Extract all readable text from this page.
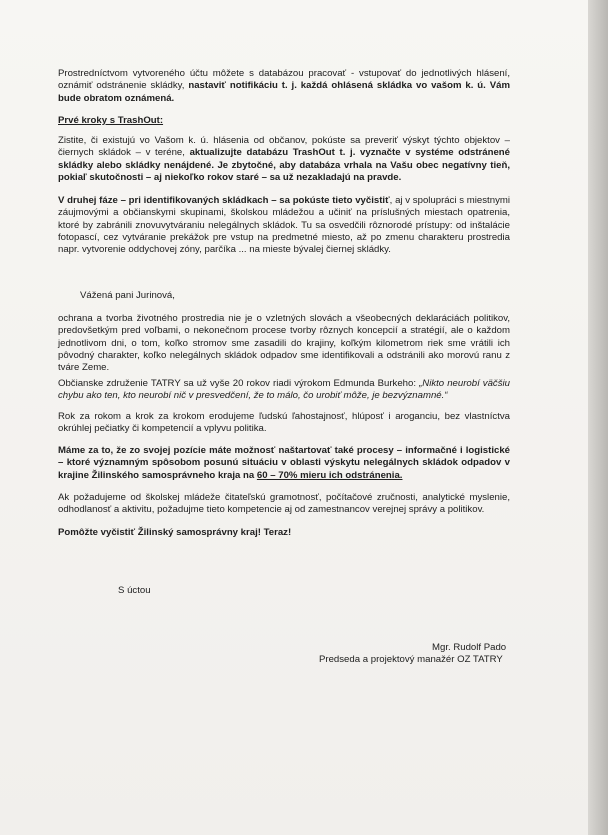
Prostredníctvom vytvoreného účtu môžete s databázou pracovať - vstupovať do jednotlivých hlásení, oznámiť odstránenie skládky, nastaviť notifikáciu t. j. každá ohlásená skládka vo vašom k. ú. Vám bude obratom oznámená.

Prvé kroky s TrashOut:

Zistite, či existujú vo Vašom k. ú. hlásenia od občanov, pokúste sa preveriť výskyt týchto objektov – čiernych skládok – v teréne, aktualizujte databázu TrashOut t. j. vyznačte v systéme odstránené skládky alebo skládky nenájdené. Je zbytočné, aby databáza vrhala na Vašu obec negatívny tieň, pokiaľ skutočnosti – aj niekoľko rokov staré – sa už nezakladajú na pravde.

V druhej fáze – pri identifikovaných skládkach – sa pokúste tieto vyčistiť, aj v spolupráci s miestnymi záujmovými a občianskymi skupinami, školskou mládežou a učiniť na príslušných miestach opatrenia, ktoré by zabránili znovuvytváraniu nelegálnych skládok. Tu sa osvedčili rôznorodé prístupy: od inštalácie fotopascí, cez vytváranie prekážok pre vstup na predmetné miesto, až po zmenu charakteru prostredia napr. vytvorenie oddychovej zóny, parčíka ... na mieste bývalej čiernej skládky.

Vážená pani Jurinová,

ochrana a tvorba životného prostredia nie je o vzletných slovách a všeobecných deklaráciách politikov, predovšetkým pred voľbami, o nekonečnom procese tvorby rôznych koncepcií a stratégií, ale o každom jednotlivom dni, o tom, koľko stromov sme zasadili do krajiny, koľkým kilometrom riek sme vrátili ich pôvodný charakter, koľko nelegálnych skládok odpadov sme identifikovali a odstránili ako morovú ranu z tváre Zeme.

Občianske združenie TATRY sa už vyše 20 rokov riadi výrokom Edmunda Burkeho: „Nikto neurobí väčšiu chybu ako ten, kto neurobí nič v presvedčení, že to málo, čo urobiť môže, je bezvýznamné.“

Rok za rokom a krok za krokom erodujeme ľudskú ľahostajnosť, hlúposť i aroganciu, bez vlastníctva okrúhlej pečiatky či kompetencií a vplyvu politika.

Máme za to, že zo svojej pozície máte možnosť naštartovať také procesy – informačné i logistické – ktoré významným spôsobom posunú situáciu v oblasti výskytu nelegálnych skládok odpadov v krajine Žilinského samosprávneho kraja na 60 – 70% mieru ich odstránenia.

Ak požadujeme od školskej mládeže čitateľskú gramotnosť, počítačové zručnosti, analytické myslenie, odhodlanosť a aktivitu, požadujme tieto kompetencie aj od zamestnancov verejnej správy a politikov.

Pomôžte vyčistiť Žilinský samosprávny kraj! Teraz!

S úctou
Mgr. Rudolf Pado
Predseda a projektový manažér OZ TATRY
